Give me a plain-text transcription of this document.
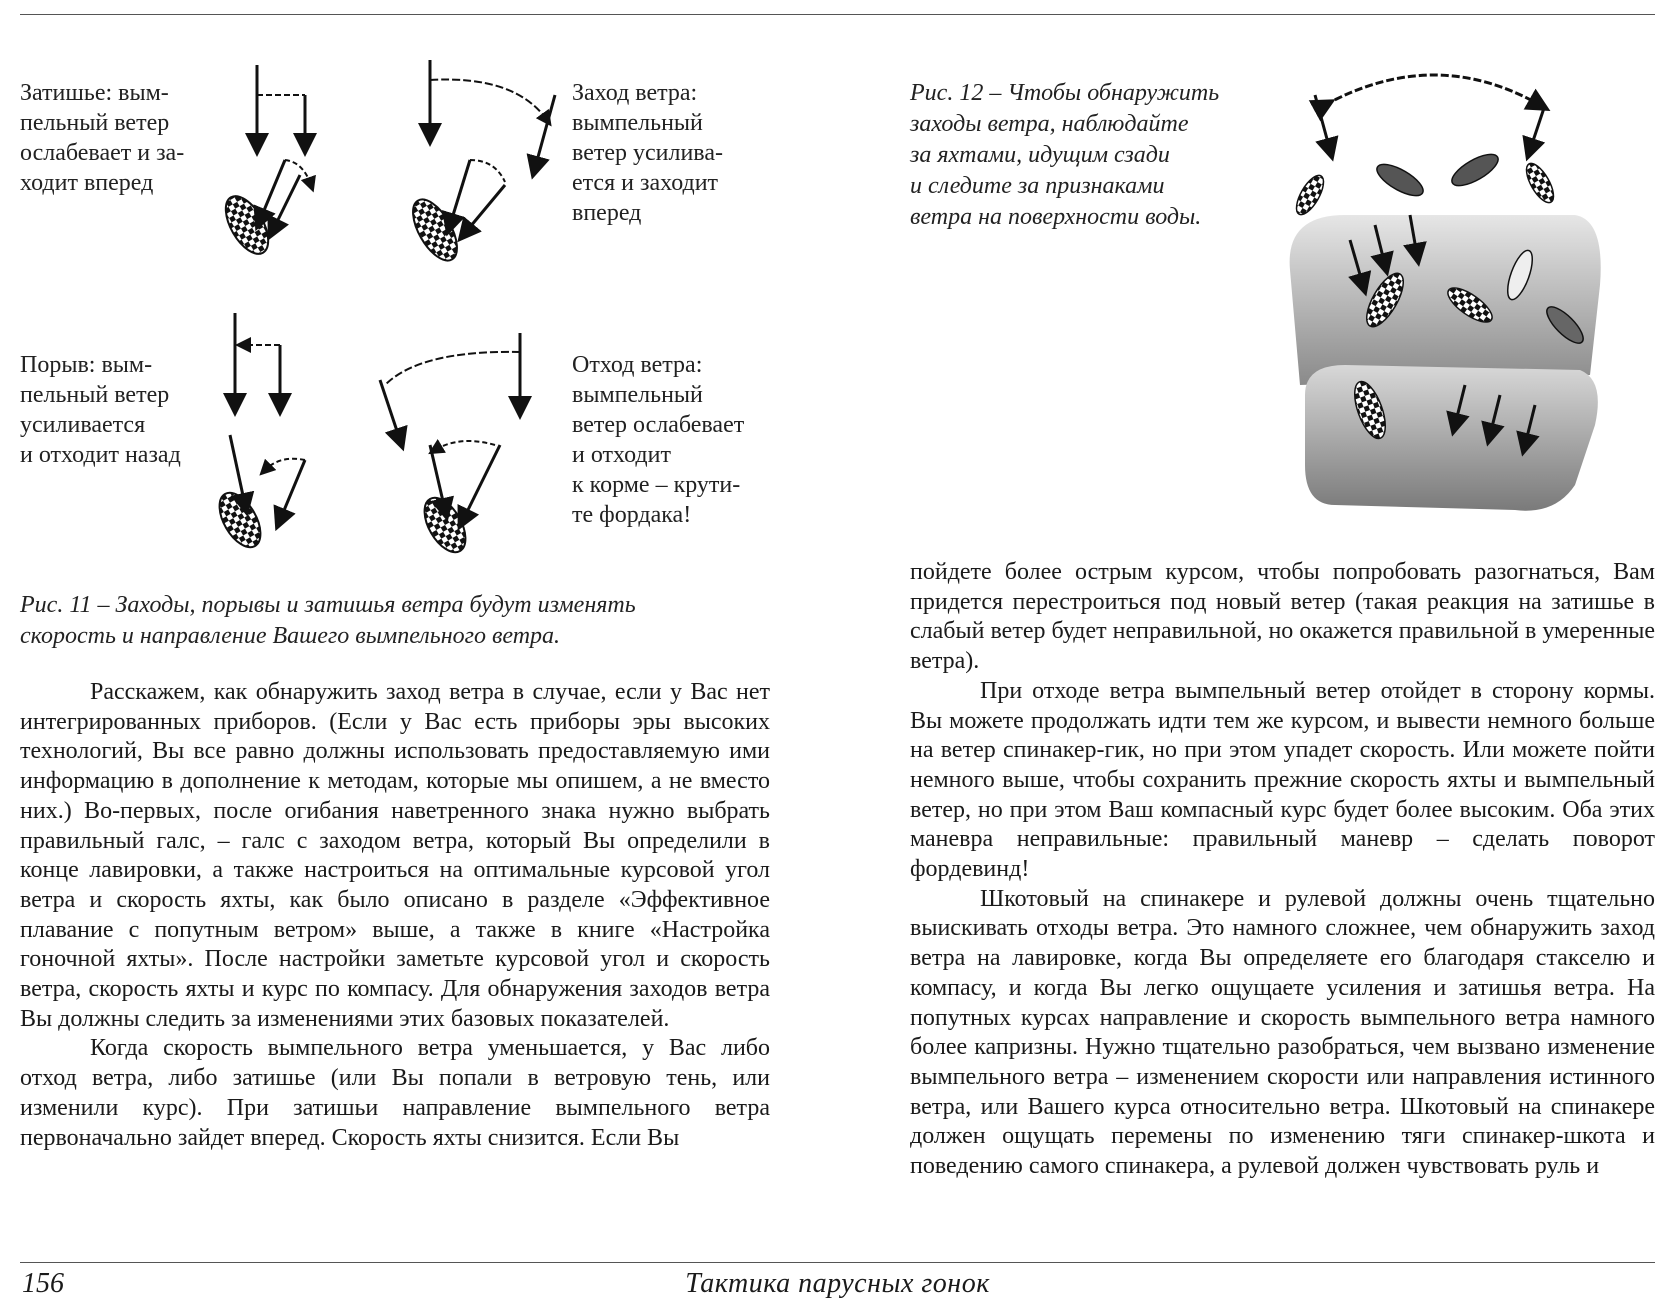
Затишье: вым-
пельный ветер
ослабевает и за-
ходит вперед
Заход ветра:
вымпельный
ветер усилива-
ется и заходит
вперед
Порыв: вым-
пельный ветер
усиливается
и отходит назад
Отход ветра:
вымпельный
ветер ослабевает
и отходит
к корме – крути-
те фордака!
Рис. 11 – Заходы, порывы и затишья ветра будут изменять
скорость и направление Вашего вымпельного ветра.

Расскажем, как обнаружить заход ветра в случае, если у Вас нет интегрированных приборов. (Если у Вас есть приборы эры высоких технологий, Вы все равно должны использовать предоставляемую ими информацию в дополнение к методам, которые мы опишем, а не вместо них.) Во-первых, после огибания наветренного знака нужно выбрать правильный галс, – галс с заходом ветра, который Вы определили в конце лавировки, а также настроиться на оптимальные курсовой угол ветра и скорость яхты, как было описано в разделе «Эффективное плавание с попутным ветром» выше, а также в книге «Настройка гоночной яхты». После настройки заметьте курсовой угол и скорость ветра, скорость яхты и курс по компасу. Для обнаружения заходов ветра Вы должны следить за изменениями этих базовых показателей.

Когда скорость вымпельного ветра уменьшается, у Вас либо отход ветра, либо затишье (или Вы попали в ветровую тень, или изменили курс). При затишьи направление вымпельного ветра первоначально зайдет вперед. Скорость яхты снизится. Если Вы

Рис. 12 – Чтобы обнаружить
заходы ветра, наблюдайте
за яхтами, идущим сзади
и следите за признаками
ветра на поверхности воды.

пойдете более острым курсом, чтобы попробовать разогнаться, Вам придется перестроиться под новый ветер (такая реакция на затишье в слабый ветер будет неправильной, но окажется правильной в умеренные ветра).

При отходе ветра вымпельный ветер отойдет в сторону кормы. Вы можете продолжать идти тем же курсом, и вывести немного больше на ветер спинакер-гик, но при этом упадет скорость. Или можете пойти немного выше, чтобы сохранить прежние скорость яхты и вымпельный ветер, но при этом Ваш компасный курс будет более высоким. Оба этих маневра неправильные: правильный маневр – сделать поворот фордевинд!

Шкотовый на спинакере и рулевой должны очень тщательно выискивать отходы ветра. Это намного сложнее, чем обнаружить заход ветра на лавировке, когда Вы определяете его благодаря стакселю и компасу, и когда Вы легко ощущаете усиления и затишья ветра. На попутных курсах направление и скорость вымпельного ветра намного более капризны. Нужно тщательно разобраться, чем вызвано изменение вымпельного ветра – изменением скорости или направления истинного ветра, или Вашего курса относительно ветра. Шкотовый на спинакере должен ощущать перемены по изменению тяги спинакер-шкота и поведению самого спинакера, а рулевой должен чувствовать руль и

156	Тактика парусных гонок
